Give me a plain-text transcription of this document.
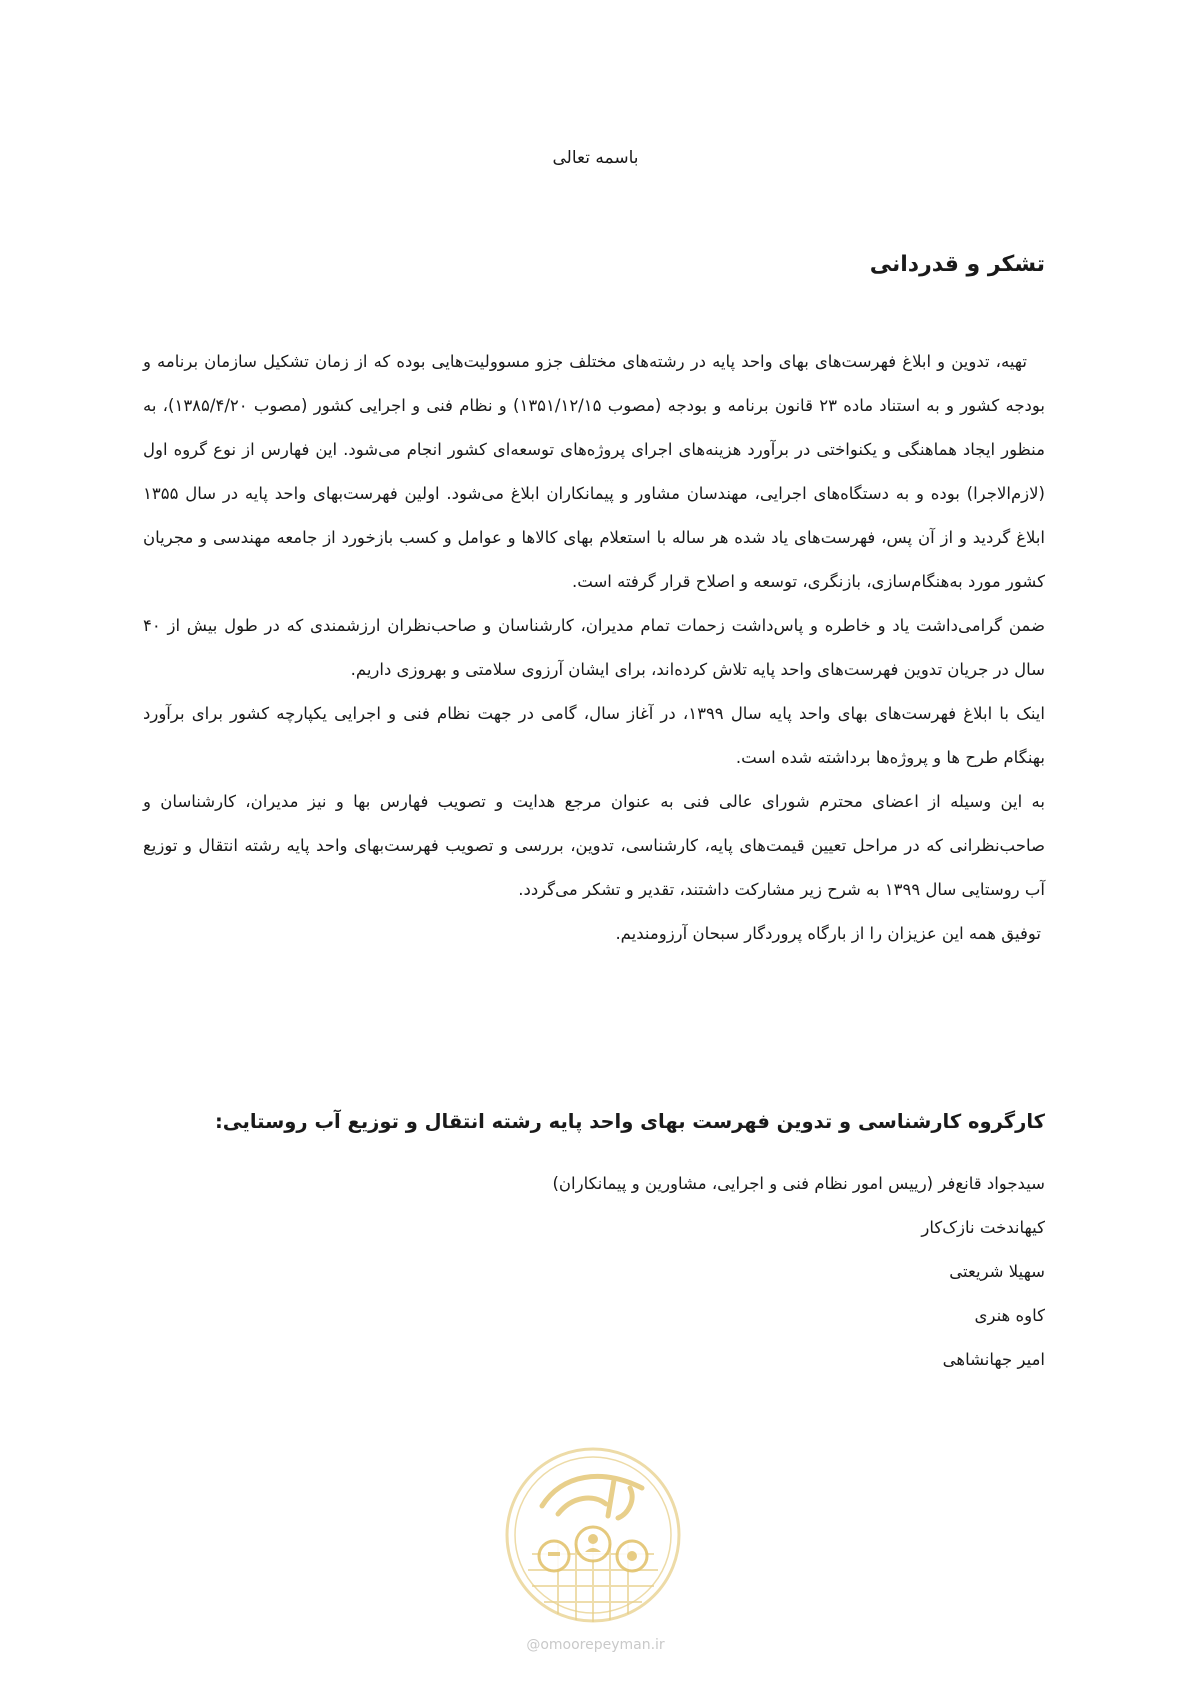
باسمه تعالی
تشکر و قدردانی

تهیه، تدوین و ابلاغ فهرست‌های بهای واحد پایه در رشته‌های مختلف جزو مسوولیت‌هایی بوده که از زمان تشکیل سازمان برنامه و بودجه کشور و به استناد ماده ۲۳ قانون برنامه و بودجه (مصوب ۱۳۵۱/۱۲/۱۵) و نظام فنی و اجرایی کشور (مصوب ۱۳۸۵/۴/۲۰)، به منظور ایجاد هماهنگی و یکنواختی در برآورد هزینه‌های اجرای پروژه‌های توسعه‌ای کشور انجام می‌شود. این فهارس از نوع گروه اول (لازم‌الاجرا) بوده و به دستگاه‌های اجرایی، مهندسان مشاور و پیمانکاران ابلاغ می‌شود. اولین فهرست‌بهای واحد پایه در سال ۱۳۵۵ ابلاغ گردید و از آن پس، فهرست‌های یاد شده هر ساله با استعلام بهای کالاها و عوامل و کسب بازخورد از جامعه مهندسی و مجریان کشور مورد به‌هنگام‌سازی، بازنگری، توسعه و اصلاح قرار گرفته است.

ضمن گرامی‌داشت یاد و خاطره و پاس‌داشت زحمات تمام مدیران، کارشناسان و صاحب‌نظران ارزشمندی که در طول بیش از ۴۰ سال در جریان تدوین فهرست‌های واحد پایه تلاش کرده‌اند، برای ایشان آرزوی سلامتی و بهروزی داریم.

اینک با ابلاغ فهرست‌های بهای واحد پایه سال ۱۳۹۹، در آغاز سال، گامی در جهت نظام فنی و اجرایی یکپارچه کشور برای برآورد بهنگام طرح ها و پروژه‌ها برداشته شده است.

به این وسیله از اعضای محترم شورای عالی فنی به عنوان مرجع هدایت و تصویب فهارس بها و نیز مدیران، کارشناسان و صاحب‌نظرانی که در مراحل تعیین قیمت‌های پایه، کارشناسی، تدوین، بررسی و تصویب فهرست‌بهای واحد پایه رشته انتقال و توزیع آب روستایی سال ۱۳۹۹ به شرح زیر مشارکت داشتند، تقدیر و تشکر می‌گردد.

توفیق همه این عزیزان را از بارگاه پروردگار سبحان آرزومندیم.

کارگروه کارشناسی و تدوین فهرست بهای واحد پایه رشته انتقال و توزیع آب روستایی:
سیدجواد قانع‌فر (رییس امور نظام فنی و اجرایی، مشاورین و پیمانکاران)
کیهاندخت نازک‌کار
سهیلا شریعتی
کاوه هنری
امیر جهانشاهی
@omoorepeyman.ir
